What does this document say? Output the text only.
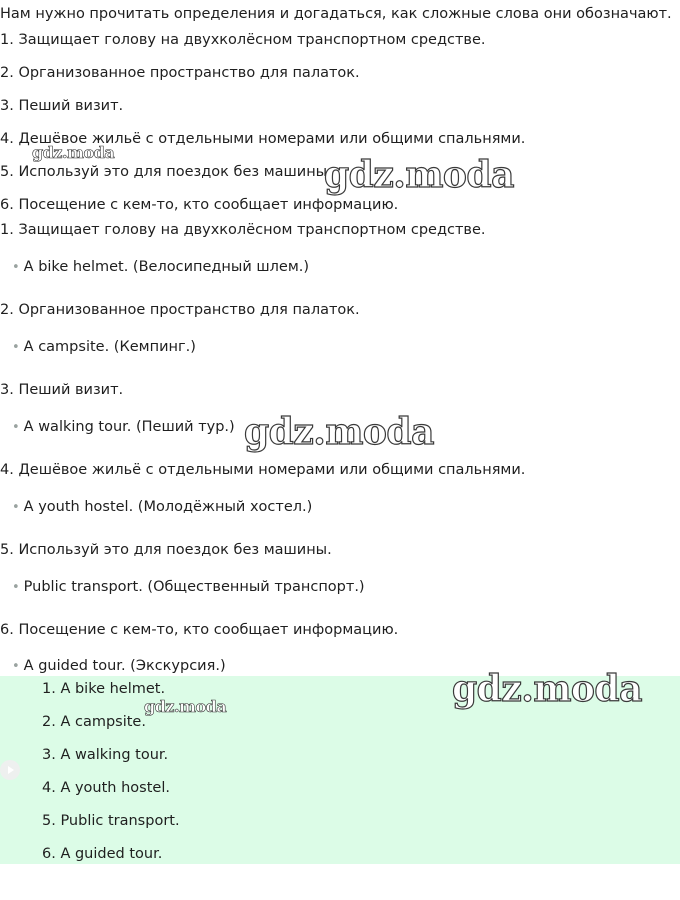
Нам нужно прочитать определения и догадаться, как сложные слова они обозначают.
1. Защищает голову на двухколёсном транспортном средстве.
2. Организованное пространство для палаток.
3. Пеший визит.
4. Дешёвое жильё с отдельными номерами или общими спальнями.
5. Используй это для поездок без машины.
6. Посещение с кем-то, кто сообщает информацию.
1. Защищает голову на двухколёсном транспортном средстве.
• A bike helmet. (Велосипедный шлем.)
2. Организованное пространство для палаток.
• A campsite. (Кемпинг.)
3. Пеший визит.
• A walking tour. (Пеший тур.)
4. Дешёвое жильё с отдельными номерами или общими спальнями.
• A youth hostel. (Молодёжный хостел.)
5. Используй это для поездок без машины.
• Public transport. (Общественный транспорт.)
6. Посещение с кем-то, кто сообщает информацию.
• A guided tour. (Экскурсия.)
1. A bike helmet.
2. A campsite.
3. A walking tour.
4. A youth hostel.
5. Public transport.
6. A guided tour.
gdz.moda
gdz.moda
gdz.moda
gdz.moda
gdz.moda
